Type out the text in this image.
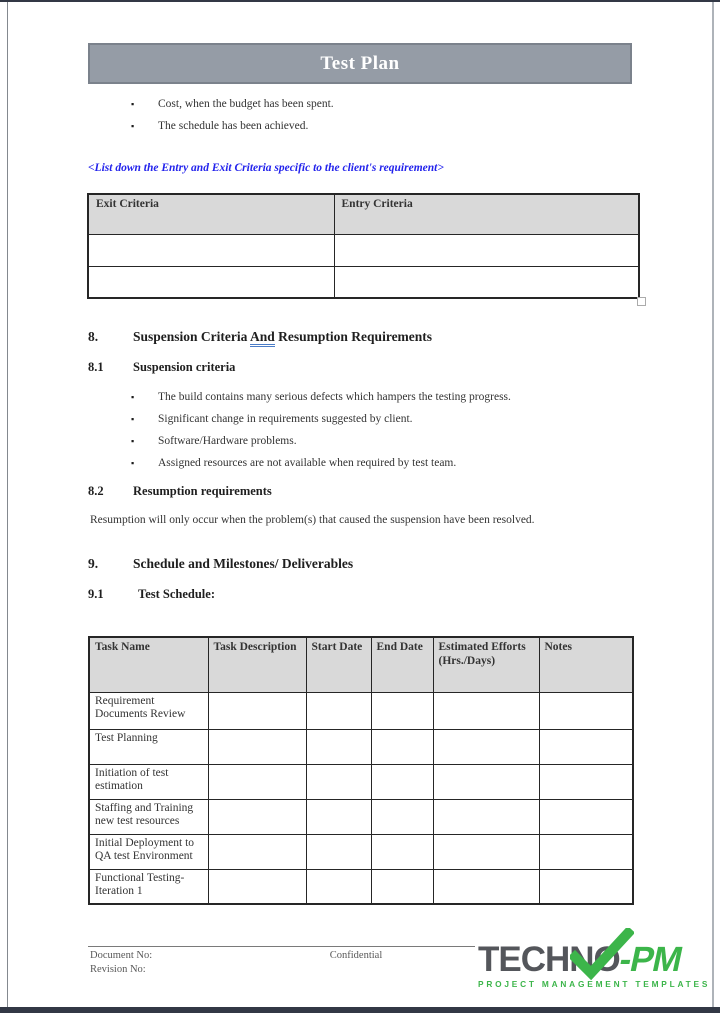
Test Plan
▪	Cost, when the budget has been spent.
▪	The schedule has been achieved.
<List down the Entry and Exit Criteria specific to the client's requirement>
Exit Criteria	Entry Criteria

8.	Suspension Criteria And Resumption Requirements
8.1 Suspension criteria
▪	The build contains many serious defects which hampers the testing progress.
▪	Significant change in requirements suggested by client.
▪	Software/Hardware problems.
▪	Assigned resources are not available when required by test team.
8.2 Resumption requirements
Resumption will only occur when the problem(s) that caused the suspension have been resolved.
9.	Schedule and Milestones/ Deliverables
9.1	Test Schedule:
Task Name	Task Description	Start Date	End Date	Estimated Efforts (Hrs./Days)	Notes
Requirement Documents Review					
Test Planning					
Initiation of test estimation					
Staffing and Training new test resources					
Initial Deployment to QA test Environment					
Functional Testing-Iteration 1					
Document No:
Revision No:
Confidential	TECHNO-PM
PROJECT MANAGEMENT TEMPLATES
